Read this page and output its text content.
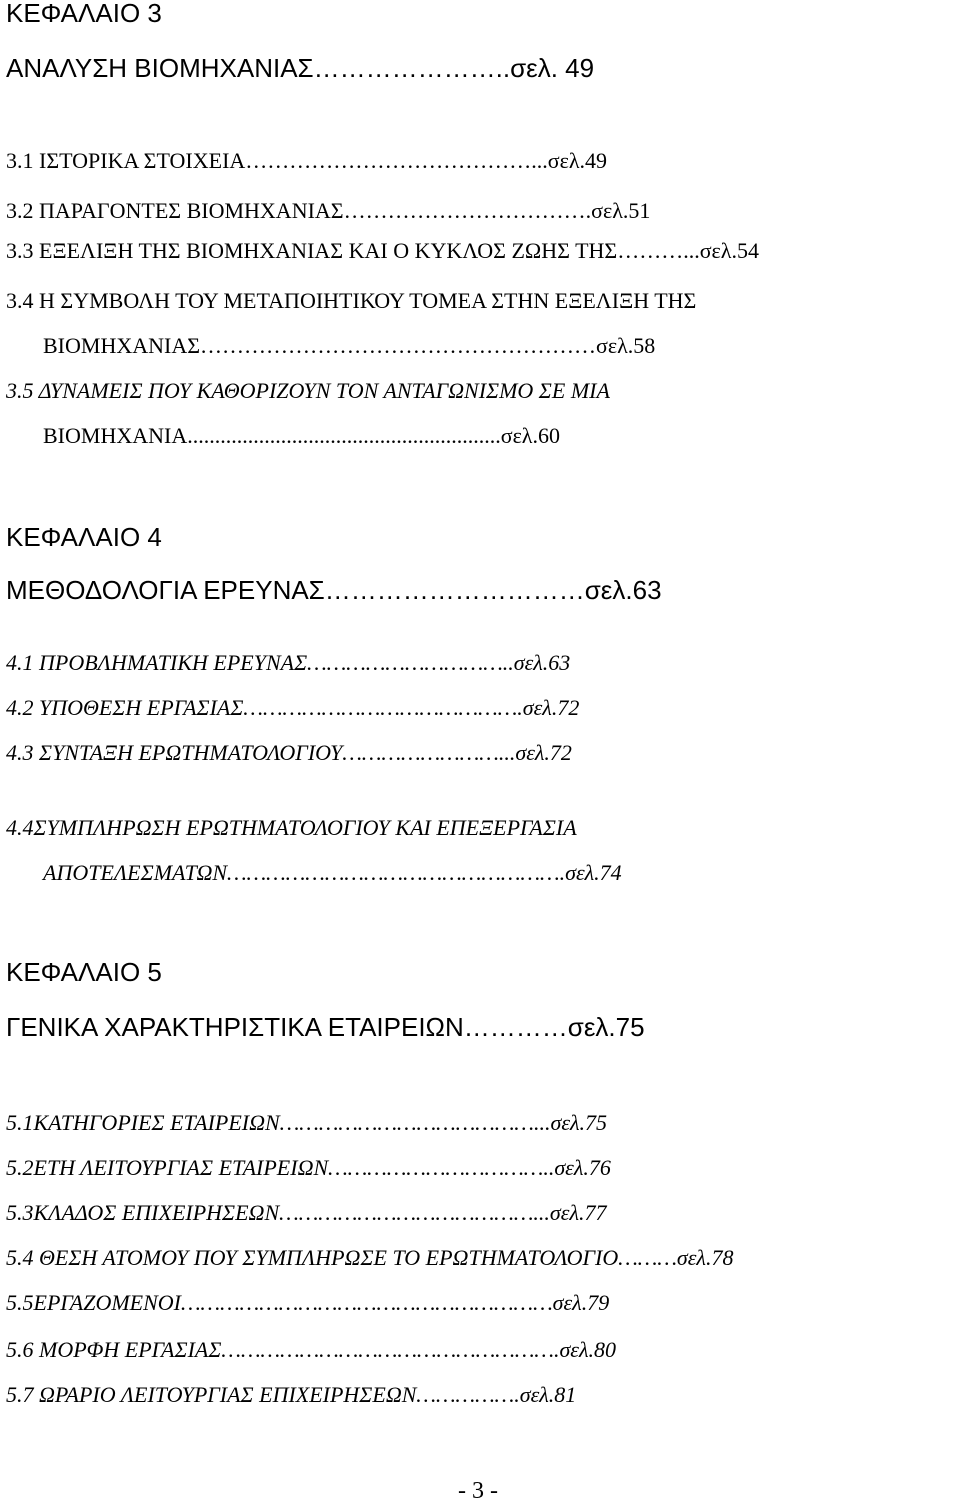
ΚΕΦΑΛΑΙΟ 3
ΑΝΑΛΥΣΗ ΒΙΟΜΗΧΑΝΙΑΣ…………………..σελ. 49
3.1 ΙΣΤΟΡΙΚΑ ΣΤΟΙΧΕΙΑ…………………………………...σελ.49
3.2 ΠΑΡΑΓΟΝΤΕΣ ΒΙΟΜΗΧΑΝΙΑΣ…………………………….σελ.51
3.3 ΕΞΕΛΙΞΗ ΤΗΣ ΒΙΟΜΗΧΑΝΙΑΣ ΚΑΙ Ο ΚΥΚΛΟΣ ΖΩΗΣ ΤΗΣ………...σελ.54
3.4 Η ΣΥΜΒΟΛΗ ΤΟΥ ΜΕΤΑΠΟΙΗΤΙΚΟΥ ΤΟΜΕΑ ΣΤΗΝ ΕΞΕΛΙΞΗ ΤΗΣ
ΒΙΟΜΗΧΑΝΙΑΣ………………………………………………σελ.58
3.5 ΔΥΝΑΜΕΙΣ ΠΟΥ ΚΑΘΟΡΙΖΟΥΝ ΤΟΝ ΑΝΤΑΓΩΝΙΣΜΟ ΣΕ ΜΙΑ
ΒΙΟΜΗΧΑΝΙΑ.........................................................σελ.60
ΚΕΦΑΛΑΙΟ 4
ΜΕΘΟΔΟΛΟΓΙΑ ΕΡΕΥΝΑΣ…………………………σελ.63
4.1 ΠΡΟΒΛΗΜΑΤΙΚΗ ΕΡΕΥΝΑΣ…………………………..σελ.63
4.2 ΥΠΟΘΕΣΗ ΕΡΓΑΣΙΑΣ…………………………………….σελ.72
4.3 ΣΥΝΤΑΞΗ ΕΡΩΤΗΜΑΤΟΛΟΓΙΟΥ……………………...σελ.72
4.4ΣΥΜΠΛΗΡΩΣΗ ΕΡΩΤΗΜΑΤΟΛΟΓΙΟΥ ΚΑΙ ΕΠΕΞΕΡΓΑΣΙΑ
ΑΠΟΤΕΛΕΣΜΑΤΩΝ…………………………………………….σελ.74
ΚΕΦΑΛΑΙΟ 5
ΓΕΝΙΚΑ ΧΑΡΑΚΤΗΡΙΣΤΙΚΑ ΕΤΑΙΡΕΙΩΝ…………σελ.75
5.1ΚΑΤΗΓΟΡΙΕΣ ΕΤΑΙΡΕΙΩΝ…………………………………...σελ.75
5.2ΕΤΗ ΛΕΙΤΟΥΡΓΙΑΣ ΕΤΑΙΡΕΙΩΝ……………………………..σελ.76
5.3ΚΛΑΔΟΣ ΕΠΙΧΕΙΡΗΣΕΩΝ…………………………………...σελ.77
5.4 ΘΕΣΗ ΑΤΟΜΟΥ ΠΟΥ ΣΥΜΠΛΗΡΩΣΕ ΤΟ ΕΡΩΤΗΜΑΤΟΛΟΓΙΟ………σελ.78
5.5ΕΡΓΑΖΟΜΕΝΟΙ…………………………………………………σελ.79
5.6 ΜΟΡΦΗ ΕΡΓΑΣΙΑΣ…………………………………………….σελ.80
5.7 ΩΡΑΡΙΟ ΛΕΙΤΟΥΡΓΙΑΣ ΕΠΙΧΕΙΡΗΣΕΩΝ…………….σελ.81
- 3 -
